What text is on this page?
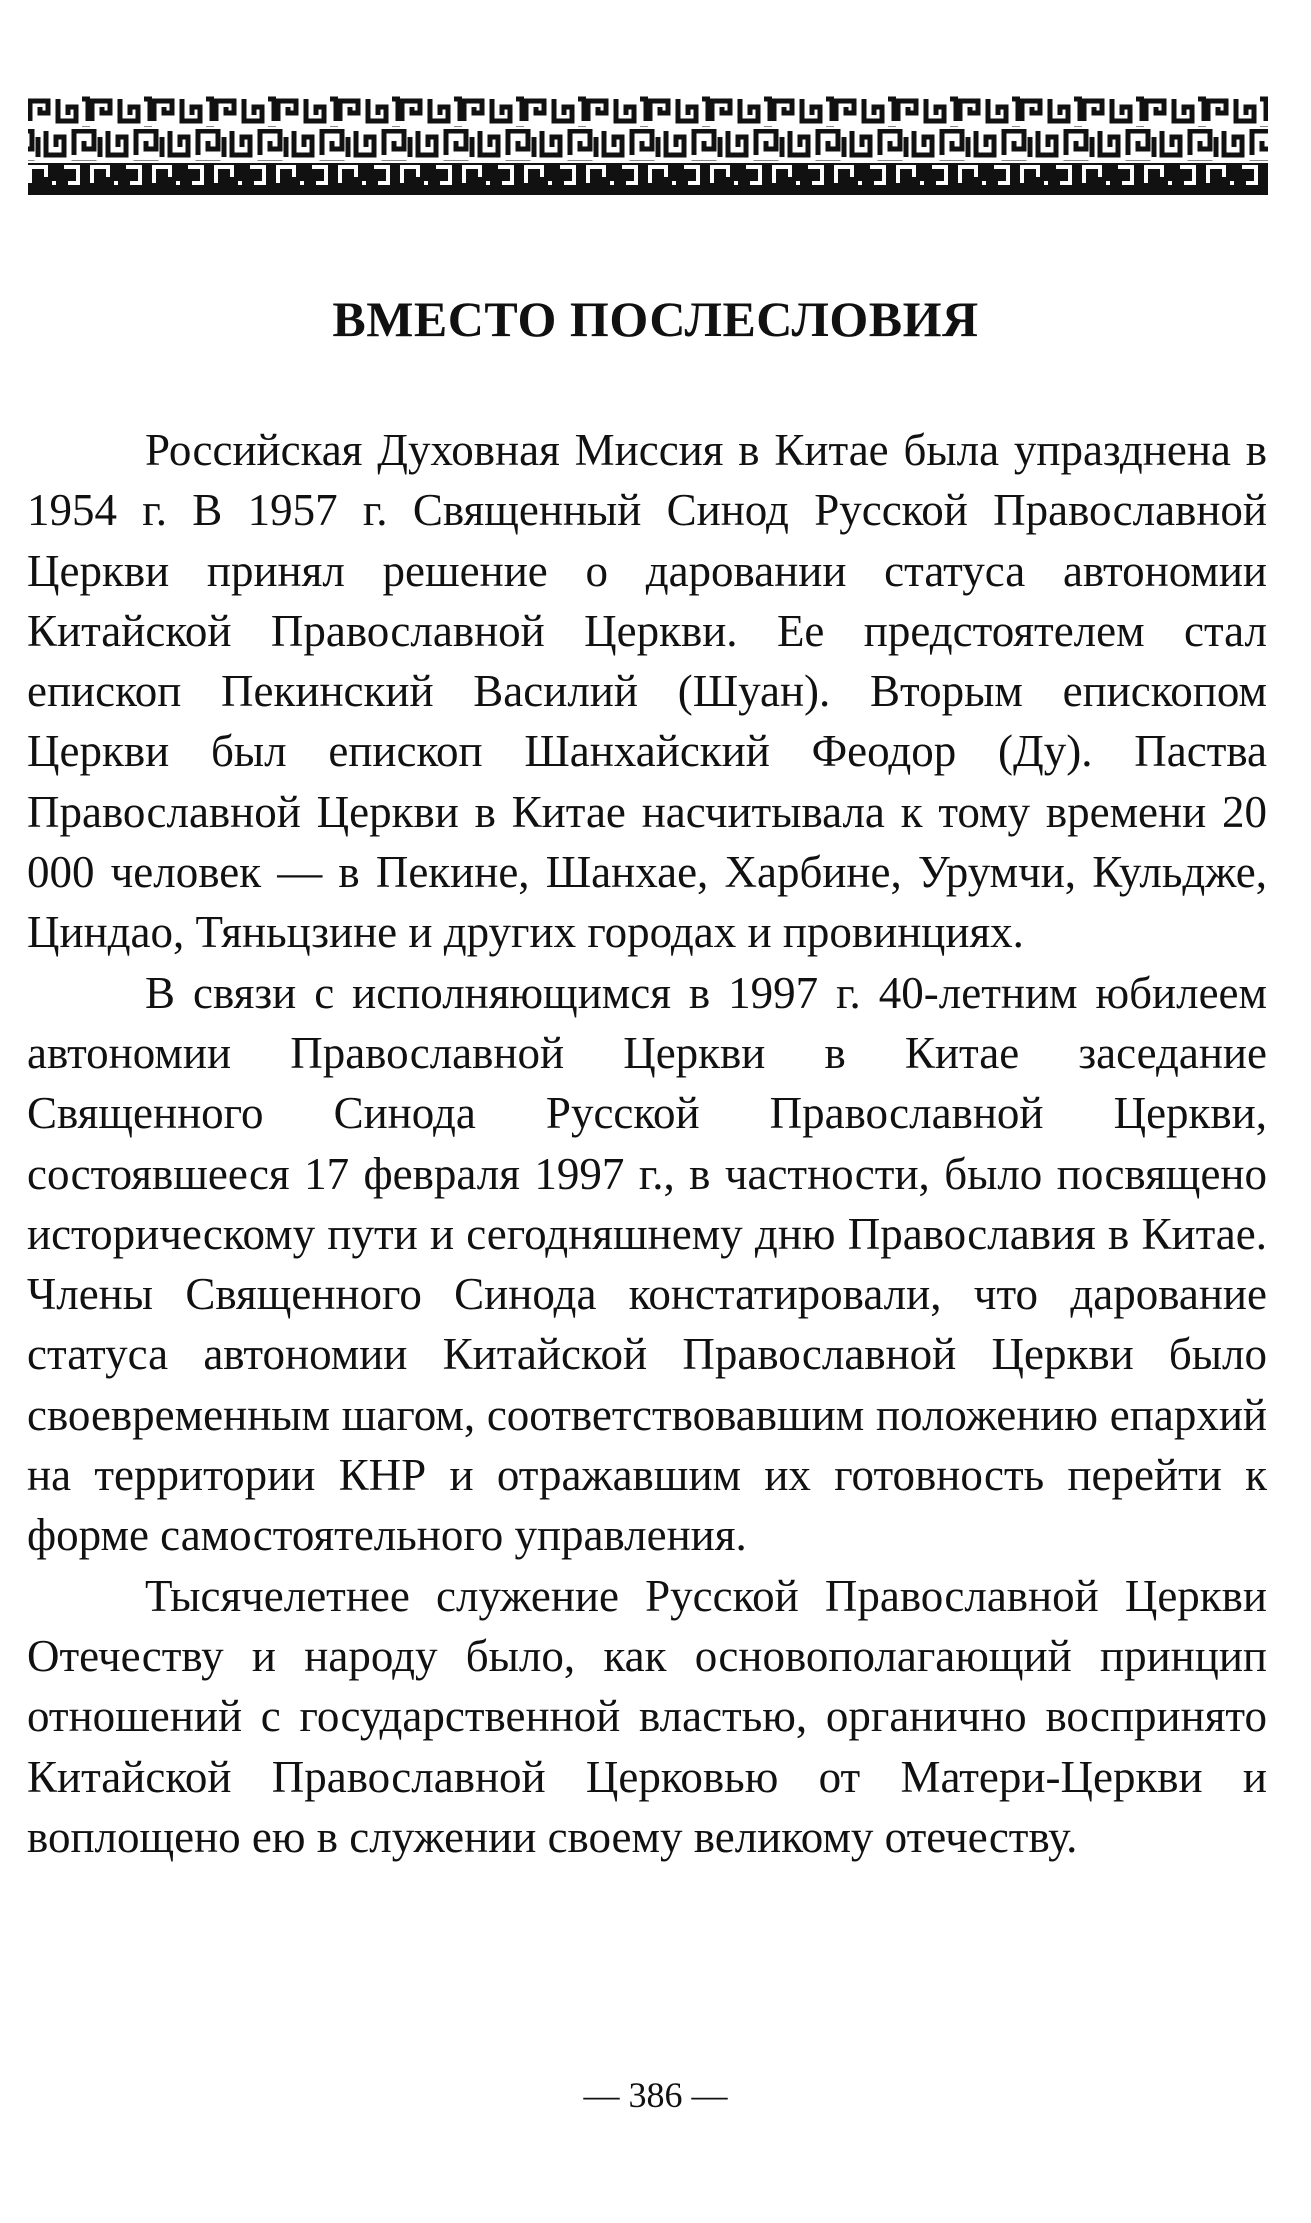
ВМЕСТО ПОСЛЕСЛОВИЯ

Российская Духовная Миссия в Китае была упразднена в 1954 г. В 1957 г. Священный Синод Русской Православной Церкви принял решение о даровании статуса автономии Китайской Православной Церкви. Ее предстоятелем стал епископ Пекинский Василий (Шуан). Вторым епископом Церкви был епископ Шанхайский Феодор (Ду). Паства Православной Церкви в Китае насчитывала к тому времени 20 000 человек — в Пекине, Шанхае, Харбине, Урумчи, Кульдже, Циндао, Тяньцзине и других городах и провинциях.

В связи с исполняющимся в 1997 г. 40-летним юбилеем автономии Православной Церкви в Китае заседание Священного Синода Русской Православной Церкви, состоявшееся 17 февраля 1997 г., в частности, было посвящено историческому пути и сегодняшнему дню Православия в Китае. Члены Священного Синода констатировали, что дарование статуса автономии Китайской Православной Церкви было своевременным шагом, соответствовавшим положению епархий на территории КНР и отражавшим их готовность перейти к форме самостоятельного управления.

Тысячелетнее служение Русской Православной Церкви Отечеству и народу было, как основополагающий принцип отношений с государственной властью, органично воспринято Китайской Православной Церковью от Матери-Церкви и воплощено ею в служении своему великому отечеству.

— 386 —
